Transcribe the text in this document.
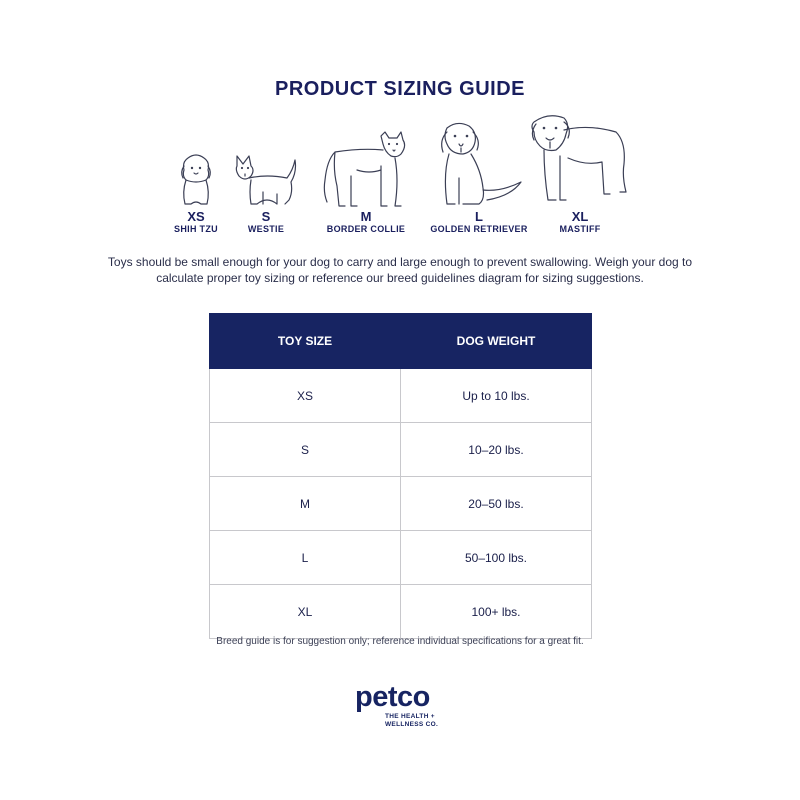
PRODUCT SIZING GUIDE
XS
SHIH TZU
S
WESTIE
M
BORDER COLLIE
L
GOLDEN RETRIEVER
XL
MASTIFF
Toys should be small enough for your dog to carry and large enough to prevent swallowing. Weigh your dog to calculate proper toy sizing or reference our breed guidelines diagram for sizing suggestions.
TOY SIZE	DOG WEIGHT
XS	Up to 10 lbs.
S	10–20 lbs.
M	20–50 lbs.
L	50–100 lbs.
XL	100+ lbs.
Breed guide is for suggestion only; reference individual specifications for a great fit.
petco
THE HEALTH +
WELLNESS CO.
